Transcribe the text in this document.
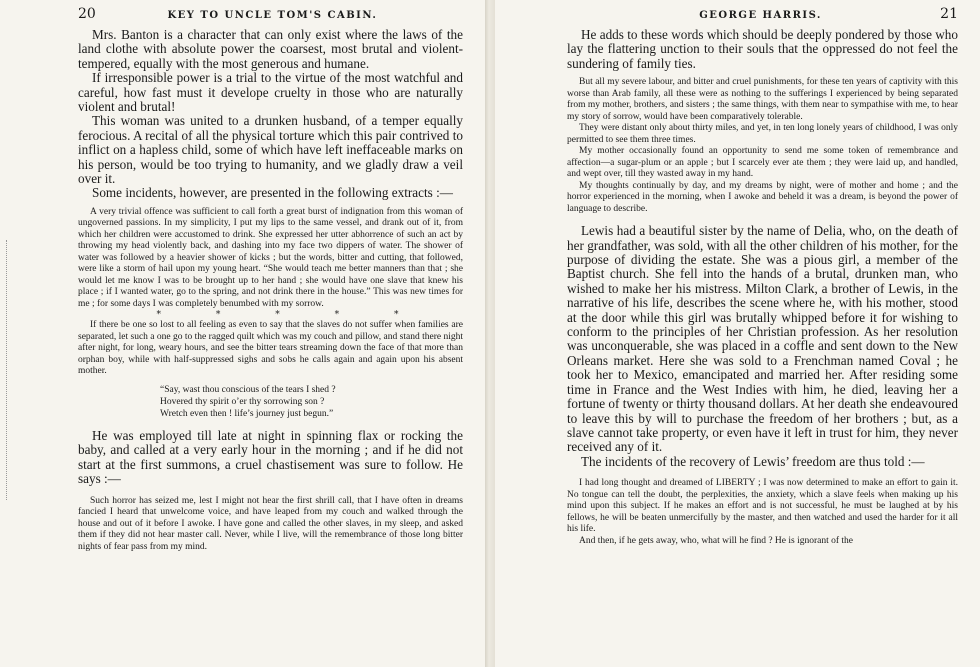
20	KEY TO UNCLE TOM'S CABIN.

Mrs. Banton is a character that can only exist where the laws of the land clothe with absolute power the coarsest, most brutal and violent-tempered, equally with the most generous and humane.

If irresponsible power is a trial to the virtue of the most watchful and careful, how fast must it develope cruelty in those who are naturally violent and brutal!

This woman was united to a drunken husband, of a temper equally ferocious. A recital of all the physical torture which this pair contrived to inflict on a hapless child, some of which have left ineffaceable marks on his person, would be too trying to humanity, and we gladly draw a veil over it.

Some incidents, however, are presented in the following extracts :—

A very trivial offence was sufficient to call forth a great burst of indignation from this woman of ungoverned passions. In my simplicity, I put my lips to the same vessel, and drank out of it, from which her children were accustomed to drink. She expressed her utter abhorrence of such an act by throwing my head violently back, and dashing into my face two dippers of water. The shower of water was followed by a heavier shower of kicks ; but the words, bitter and cutting, that followed, were like a storm of hail upon my young heart. “She would teach me better manners than that ; she would let me know I was to be brought up to her hand ; she would have one slave that knew his place ; if I wanted water, go to the spring, and not drink there in the house.” This was new times for me ; for some days I was completely benumbed with my sorrow.

* * * * *

If there be one so lost to all feeling as even to say that the slaves do not suffer when families are separated, let such a one go to the ragged quilt which was my couch and pillow, and stand there night after night, for long, weary hours, and see the bitter tears streaming down the face of that more than orphan boy, while with half-suppressed sighs and sobs he calls again and again upon his absent mother.

“Say, wast thou conscious of the tears I shed ?
Hovered thy spirit o’er thy sorrowing son ?
Wretch even then ! life’s journey just begun.”

He was employed till late at night in spinning flax or rocking the baby, and called at a very early hour in the morning ; and if he did not start at the first summons, a cruel chastisement was sure to follow. He says :—

Such horror has seized me, lest I might not hear the first shrill call, that I have often in dreams fancied I heard that unwelcome voice, and have leaped from my couch and walked through the house and out of it before I awoke. I have gone and called the other slaves, in my sleep, and asked them if they did not hear master call. Never, while I live, will the remembrance of those long bitter nights of fear pass from my mind.

GEORGE HARRIS.	21

He adds to these words which should be deeply pondered by those who lay the flattering unction to their souls that the oppressed do not feel the sundering of family ties.

But all my severe labour, and bitter and cruel punishments, for these ten years of captivity with this worse than Arab family, all these were as nothing to the sufferings I experienced by being separated from my mother, brothers, and sisters ; the same things, with them near to sympathise with me, to hear my story of sorrow, would have been comparatively tolerable.

They were distant only about thirty miles, and yet, in ten long lonely years of childhood, I was only permitted to see them three times.

My mother occasionally found an opportunity to send me some token of remembrance and affection—a sugar-plum or an apple ; but I scarcely ever ate them ; they were laid up, and handled, and wept over, till they wasted away in my hand.

My thoughts continually by day, and my dreams by night, were of mother and home ; and the horror experienced in the morning, when I awoke and beheld it was a dream, is beyond the power of language to describe.

Lewis had a beautiful sister by the name of Delia, who, on the death of her grandfather, was sold, with all the other children of his mother, for the purpose of dividing the estate. She was a pious girl, a member of the Baptist church. She fell into the hands of a brutal, drunken man, who wished to make her his mistress. Milton Clark, a brother of Lewis, in the narrative of his life, describes the scene where he, with his mother, stood at the door while this girl was brutally whipped before it for wishing to conform to the principles of her Christian profession. As her resolution was unconquerable, she was placed in a coffle and sent down to the New Orleans market. Here she was sold to a Frenchman named Coval ; he took her to Mexico, emancipated and married her. After residing some time in France and the West Indies with him, he died, leaving her a fortune of twenty or thirty thousand dollars. At her death she endeavoured to leave this by will to purchase the freedom of her brothers ; but, as a slave cannot take property, or even have it left in trust for him, they never received any of it.

The incidents of the recovery of Lewis’ freedom are thus told :—

I had long thought and dreamed of LIBERTY ; I was now determined to make an effort to gain it. No tongue can tell the doubt, the perplexities, the anxiety, which a slave feels when making up his mind upon this subject. If he makes an effort and is not successful, he must be laughed at by his fellows, he will be beaten unmercifully by the master, and then watched and used the harder for it all his life.

And then, if he gets away, who, what will he find ? He is ignorant of the
